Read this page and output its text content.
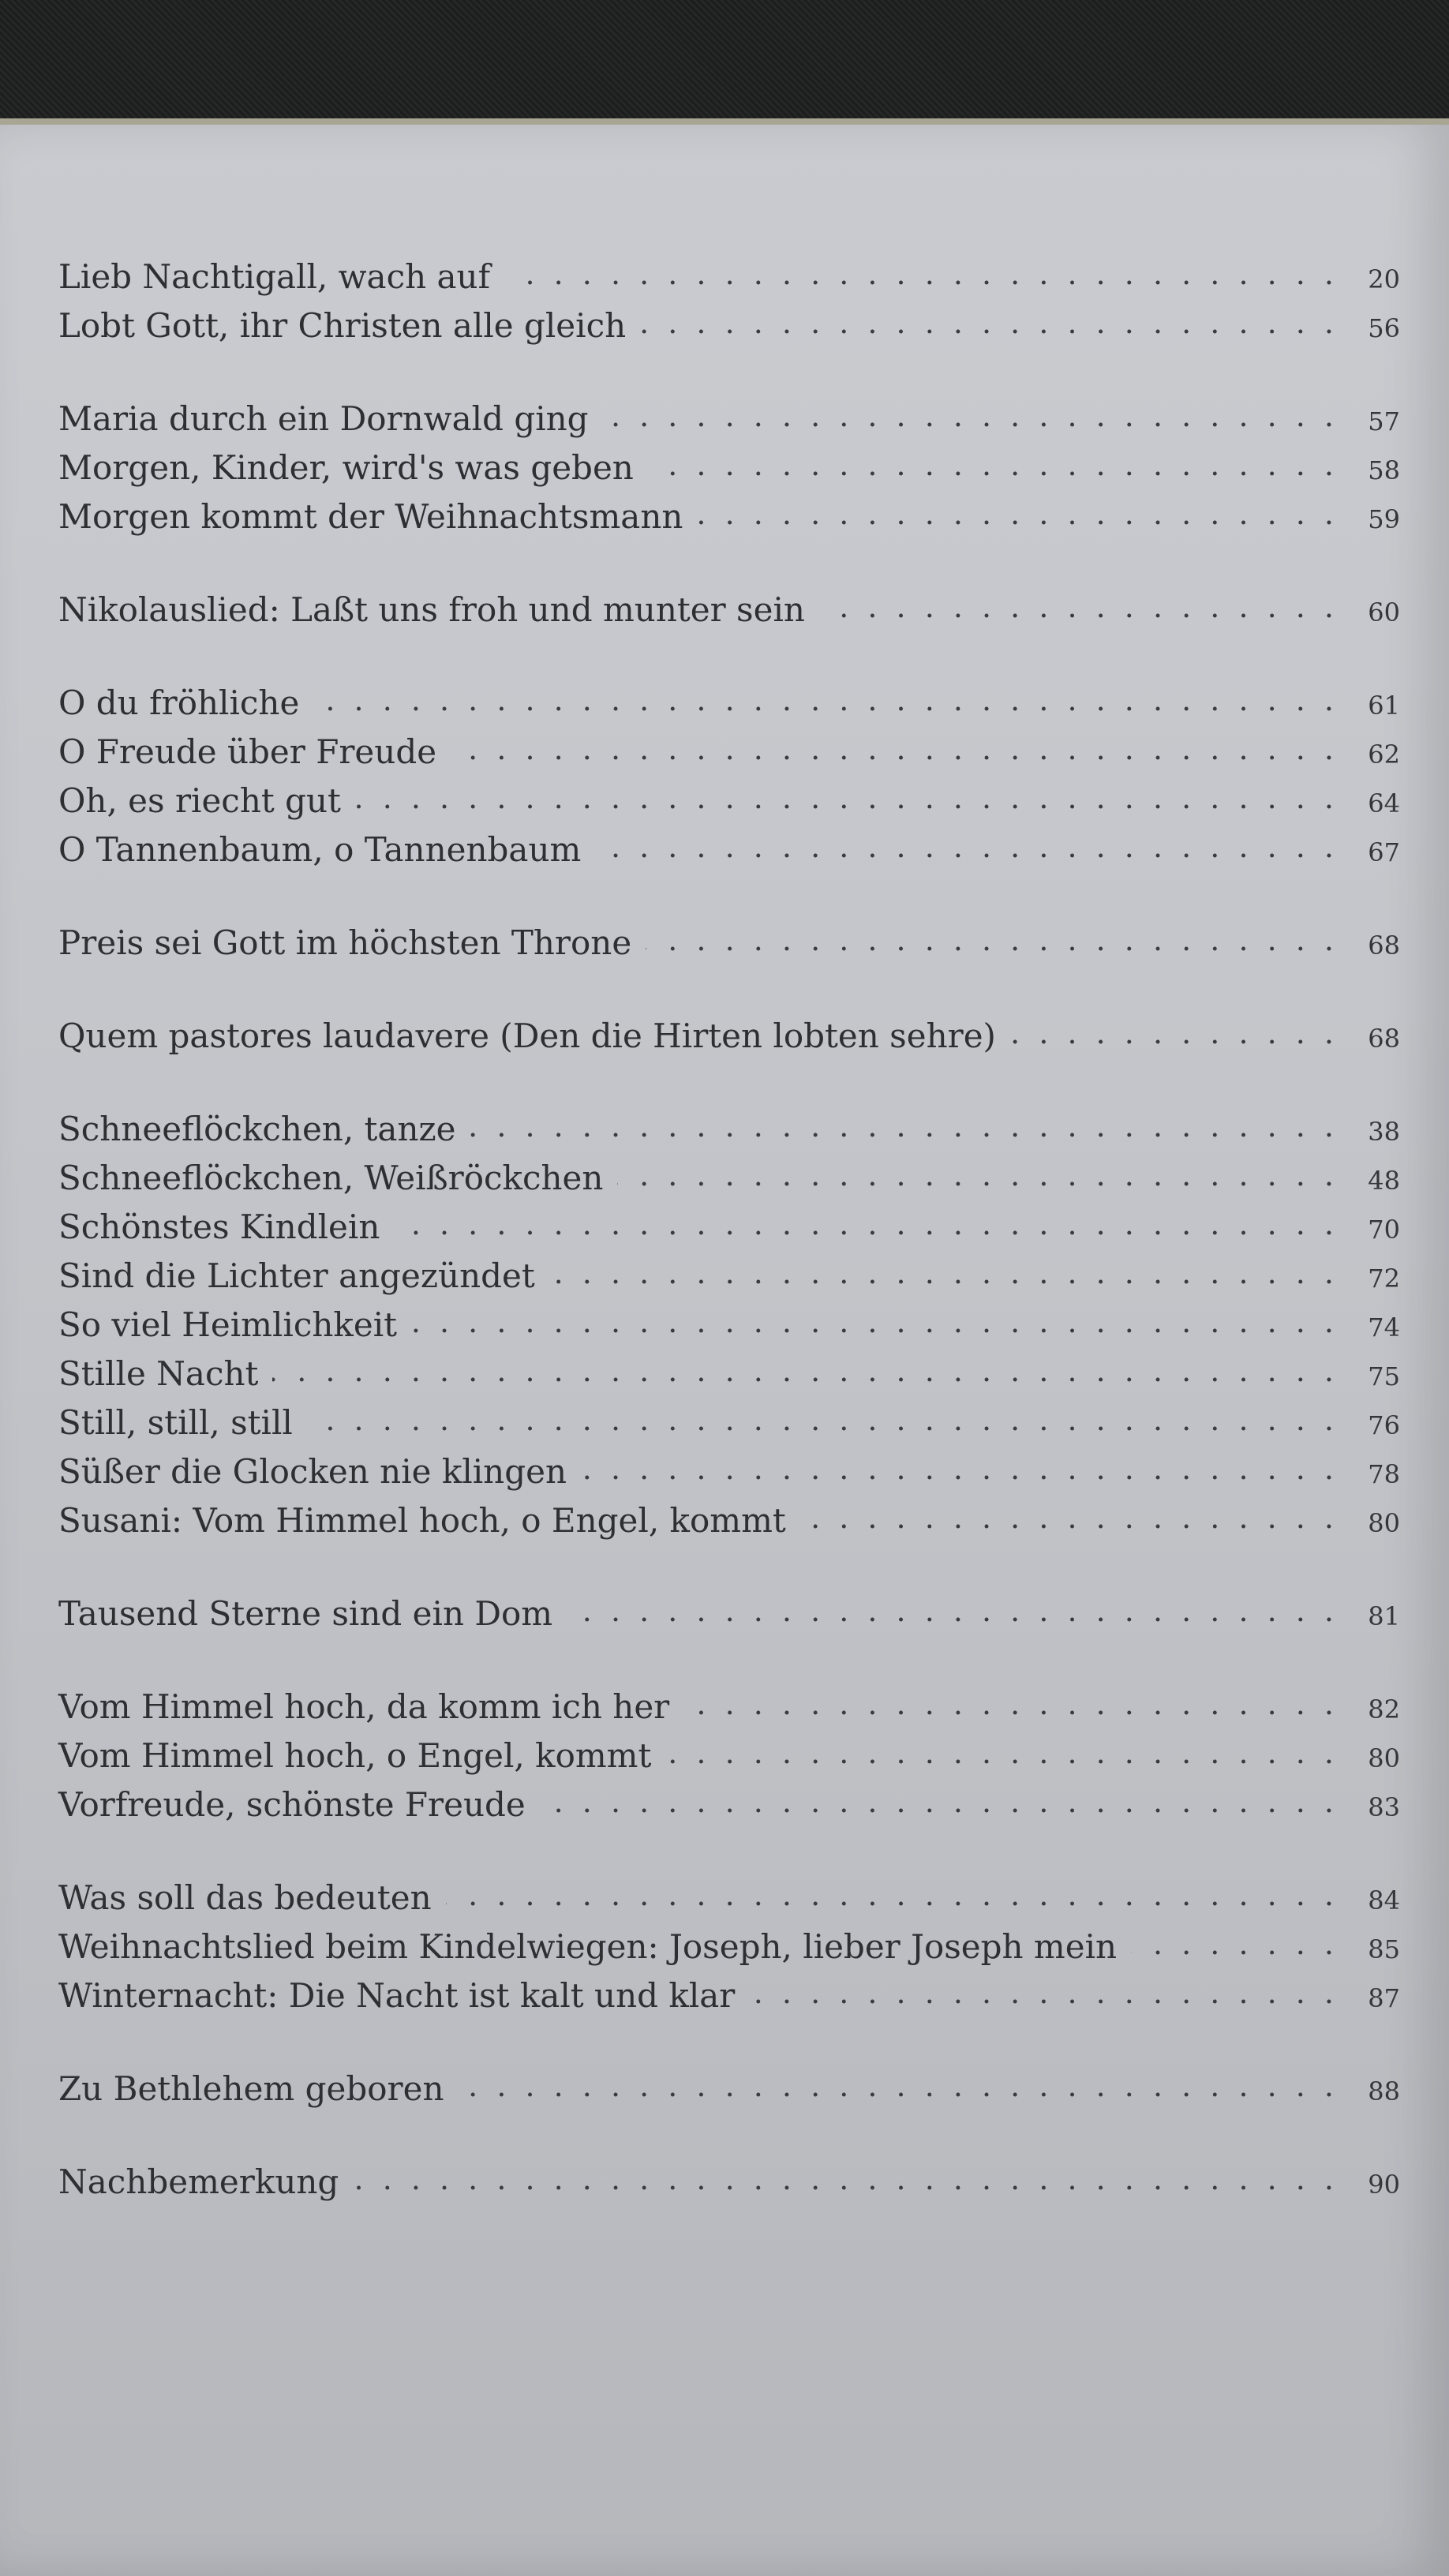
Lieb Nachtigall, wach auf . . .	20
Lobt Gott, ihr Christen alle gleich . . .	56
Maria durch ein Dornwald ging . . .	57
Morgen, Kinder, wird's was geben . . .	58
Morgen kommt der Weihnachtsmann . . .	59
Nikolauslied: Laßt uns froh und munter sein . . .	60
O du fröhliche . . .	61
O Freude über Freude . . .	62
Oh, es riecht gut . . .	64
O Tannenbaum, o Tannenbaum . . .	67
Preis sei Gott im höchsten Throne . . .	68
Quem pastores laudavere (Den die Hirten lobten sehre) . . .	68
Schneeflöckchen, tanze . . .	38
Schneeflöckchen, Weißröckchen . . .	48
Schönstes Kindlein . . .	70
Sind die Lichter angezündet . . .	72
So viel Heimlichkeit . . .	74
Stille Nacht . . .	75
Still, still, still . . .	76
Süßer die Glocken nie klingen . . .	78
Susani: Vom Himmel hoch, o Engel, kommt . . .	80
Tausend Sterne sind ein Dom . . .	81
Vom Himmel hoch, da komm ich her . . .	82
Vom Himmel hoch, o Engel, kommt . . .	80
Vorfreude, schönste Freude . . .	83
Was soll das bedeuten . . .	84
Weihnachtslied beim Kindelwiegen: Joseph, lieber Joseph mein . . .	85
Winternacht: Die Nacht ist kalt und klar . . .	87
Zu Bethlehem geboren . . .	88
Nachbemerkung . . .	90
